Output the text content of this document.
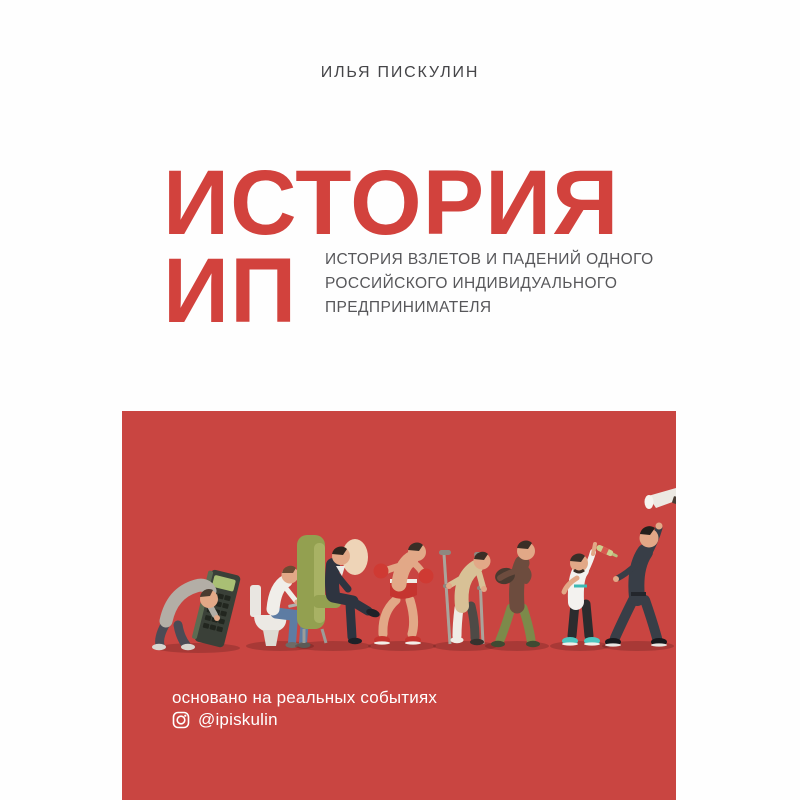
ИЛЬЯ ПИСКУЛИН
ИСТОРИЯ
ИП ИСТОРИЯ ВЗЛЕТОВ И ПАДЕНИЙ ОДНОГО
РОССИЙСКОГО ИНДИВИДУАЛЬНОГО
ПРЕДПРИНИМАТЕЛЯ
основано на реальных событиях
@ipiskulin
